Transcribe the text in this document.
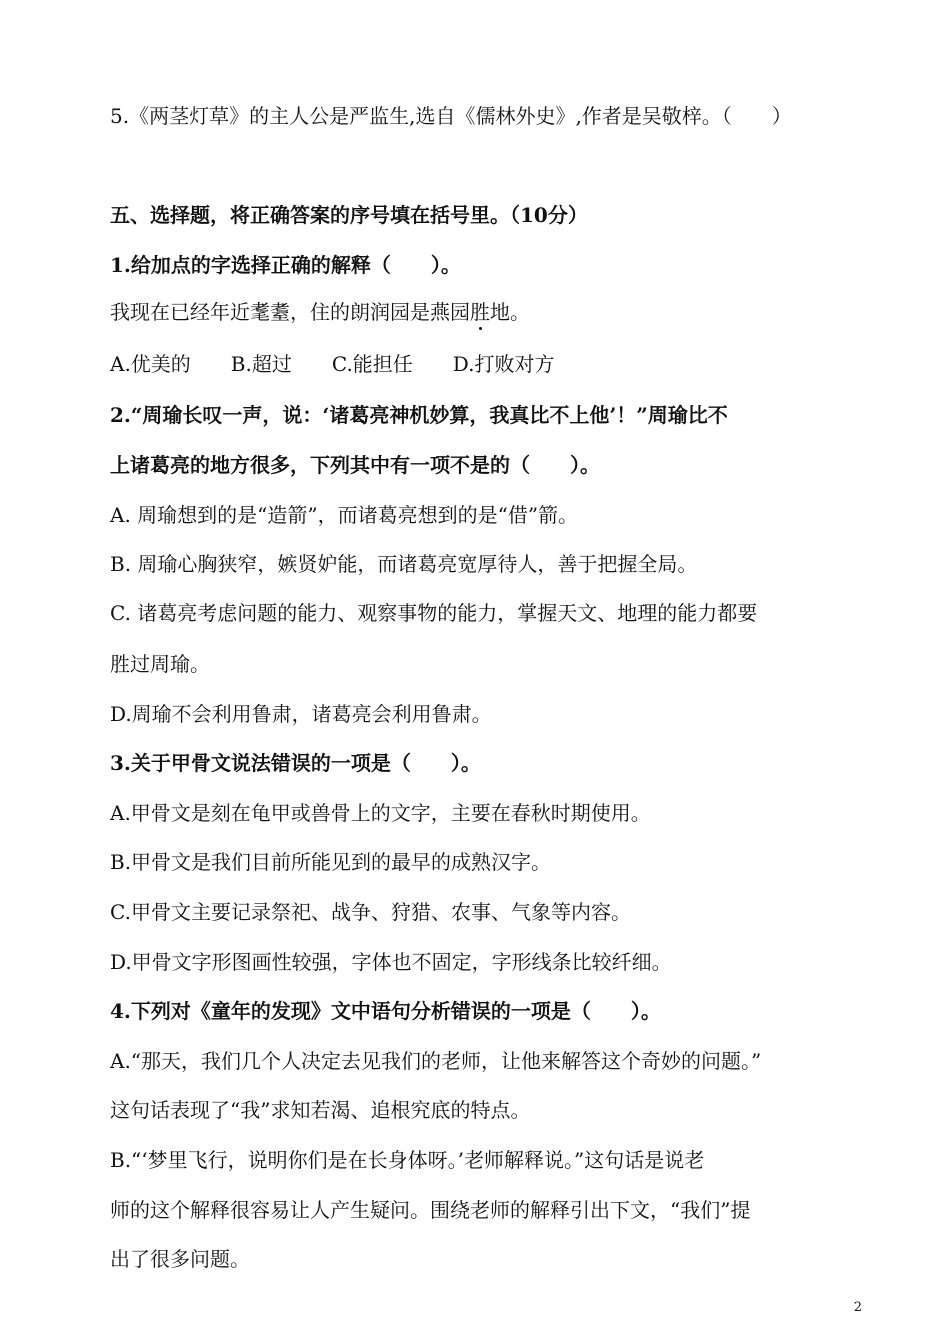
5.《两茎灯草》的主人公是严监生,选自《儒林外史》,作者是吴敬梓。（　　）
五、选择题，将正确答案的序号填在括号里。（10分）
1.给加点的字选择正确的解释（　　）。
我现在已经年近耄耋，住的朗润园是燕园胜地。
A.优美的　　B.超过　　C.能担任　　D.打败对方
2.“周瑜长叹一声，说：‘诸葛亮神机妙算，我真比不上他’！”周瑜比不
上诸葛亮的地方很多，下列其中有一项不是的（　　）。
A. 周瑜想到的是“造箭”，而诸葛亮想到的是“借”箭。
B. 周瑜心胸狭窄，嫉贤妒能，而诸葛亮宽厚待人，善于把握全局。
C. 诸葛亮考虑问题的能力、观察事物的能力，掌握天文、地理的能力都要
胜过周瑜。
D.周瑜不会利用鲁肃，诸葛亮会利用鲁肃。
3.关于甲骨文说法错误的一项是（　　）。
A.甲骨文是刻在龟甲或兽骨上的文字，主要在春秋时期使用。
B.甲骨文是我们目前所能见到的最早的成熟汉字。
C.甲骨文主要记录祭祀、战争、狩猎、农事、气象等内容。
D.甲骨文字形图画性较强，字体也不固定，字形线条比较纤细。
4.下列对《童年的发现》文中语句分析错误的一项是（　　）。
A.“那天，我们几个人决定去见我们的老师，让他来解答这个奇妙的问题。”
这句话表现了“我”求知若渴、追根究底的特点。
B.“‘梦里飞行，说明你们是在长身体呀。’老师解释说。”这句话是说老
师的这个解释很容易让人产生疑问。围绕老师的解释引出下文，“我们”提
出了很多问题。
2
